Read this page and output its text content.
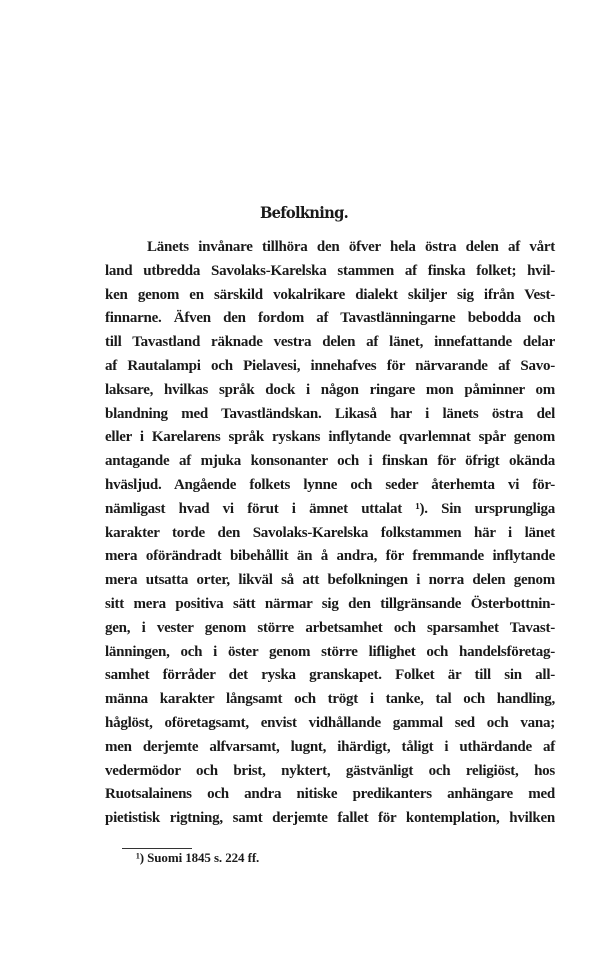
Befolkning.
Länets invånare tillhöra den öfver hela östra delen af vårt
land utbredda Savolaks-Karelska stammen af finska folket; hvil-
ken genom en särskild vokalrikare dialekt skiljer sig ifrån Vest-
finnarne. Äfven den fordom af Tavastlänningarne bebodda och
till Tavastland räknade vestra delen af länet, innefattande delar
af Rautalampi och Pielavesi, innehafves för närvarande af Savo-
laksare, hvilkas språk dock i någon ringare mon påminner om
blandning med Tavastländskan. Likaså har i länets östra del
eller i Karelarens språk ryskans inflytande qvarlemnat spår genom
antagande af mjuka konsonanter och i finskan för öfrigt okända
hväsljud. Angående folkets lynne och seder återhemta vi för-
nämligast hvad vi förut i ämnet uttalat ¹). Sin ursprungliga
karakter torde den Savolaks-Karelska folkstammen här i länet
mera oförändradt bibehållit än å andra, för fremmande inflytande
mera utsatta orter, likväl så att befolkningen i norra delen genom
sitt mera positiva sätt närmar sig den tillgränsande Österbottnin-
gen, i vester genom större arbetsamhet och sparsamhet Tavast-
länningen, och i öster genom större liflighet och handelsföretag-
samhet förråder det ryska granskapet. Folket är till sin all-
männa karakter långsamt och trögt i tanke, tal och handling,
håglöst, oföretagsamt, envist vidhållande gammal sed och vana;
men derjemte alfvarsamt, lugnt, ihärdigt, tåligt i uthärdande af
vedermödor och brist, nyktert, gästvänligt och religiöst, hos
Ruotsalainens och andra nitiske predikanters anhängare med
pietistisk rigtning, samt derjemte fallet för kontemplation, hvilken
¹) Suomi 1845 s. 224 ff.
